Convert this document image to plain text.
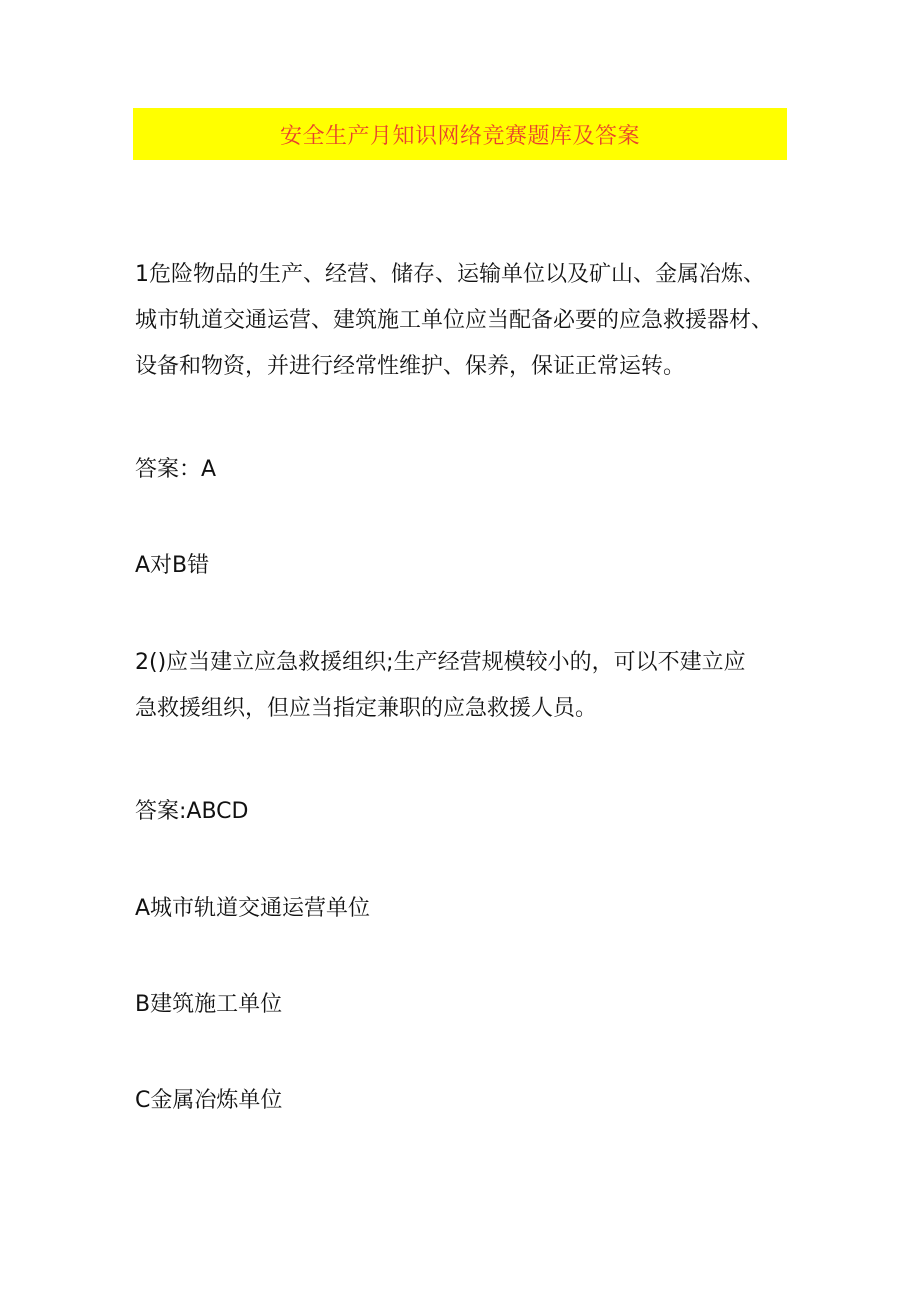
安全生产月知识网络竞赛题库及答案
1危险物品的生产、经营、储存、运输单位以及矿山、金属冶炼、
城市轨道交通运营、建筑施工单位应当配备必要的应急救援器材、
设备和物资，并进行经常性维护、保养，保证正常运转。
答案：A
A对B错
2()应当建立应急救援组织;生产经营规模较小的，可以不建立应
急救援组织，但应当指定兼职的应急救援人员。
答案:ABCD
A城市轨道交通运营单位
B建筑施工单位
C金属冶炼单位
